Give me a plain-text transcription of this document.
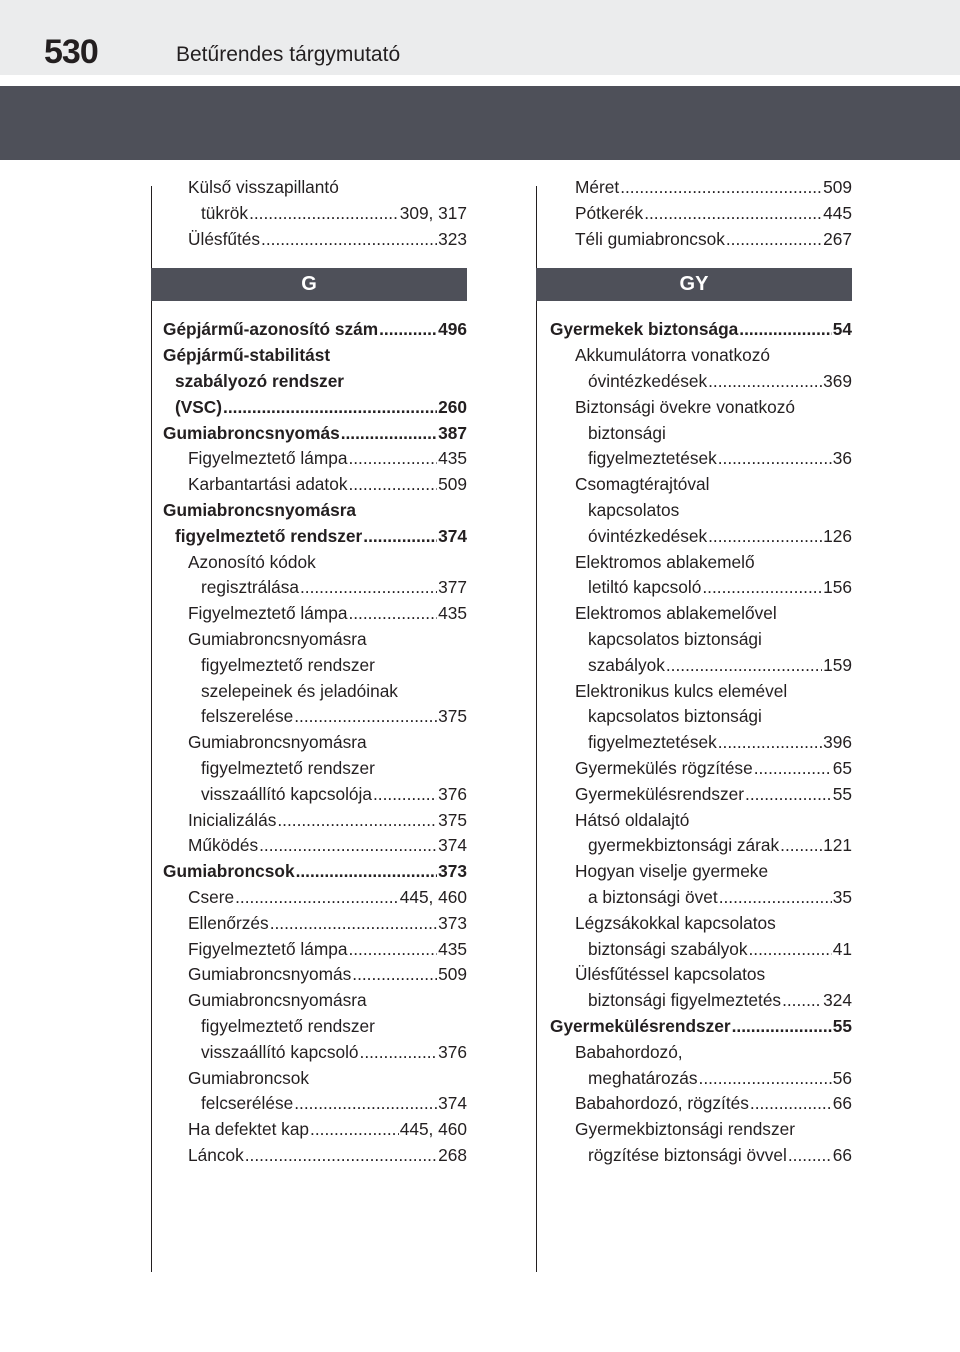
530	Betűrendes tárgymutató
Külső visszapillantó
tükrök .....	309, 317
Ülésfűtés .....	323
G
Gépjármű-azonosító szám .....	496
Gépjármű-stabilitást
szabályozó rendszer
(VSC) .....	260
Gumiabroncsnyomás .....	387
Figyelmeztető lámpa .....	435
Karbantartási adatok .....	509
Gumiabroncsnyomásra
figyelmeztető rendszer .....	374
Azonosító kódok
regisztrálása .....	377
Figyelmeztető lámpa .....	435
Gumiabroncsnyomásra
figyelmeztető rendszer
szelepeinek és jeladóinak
felszerelése .....	375
Gumiabroncsnyomásra
figyelmeztető rendszer
visszaállító kapcsolója .....	376
Inicializálás .....	375
Működés .....	374
Gumiabroncsok .....	373
Csere .....	445, 460
Ellenőrzés .....	373
Figyelmeztető lámpa .....	435
Gumiabroncsnyomás .....	509
Gumiabroncsnyomásra
figyelmeztető rendszer
visszaállító kapcsoló .....	376
Gumiabroncsok
felcserélése .....	374
Ha defektet kap .....	445, 460
Láncok .....	268
Méret .....	509
Pótkerék .....	445
Téli gumiabroncsok .....	267
GY
Gyermekek biztonsága .....	54
Akkumulátorra vonatkozó
óvintézkedések .....	369
Biztonsági övekre vonatkozó
biztonsági
figyelmeztetések .....	36
Csomagtérajtóval
kapcsolatos
óvintézkedések .....	126
Elektromos ablakemelő
letiltó kapcsoló .....	156
Elektromos ablakemelővel
kapcsolatos biztonsági
szabályok .....	159
Elektronikus kulcs elemével
kapcsolatos biztonsági
figyelmeztetések .....	396
Gyermekülés rögzítése .....	65
Gyermekülésrendszer .....	55
Hátsó oldalajtó
gyermekbiztonsági zárak .....	121
Hogyan viselje gyermeke
a biztonsági övet .....	35
Légzsákokkal kapcsolatos
biztonsági szabályok .....	41
Ülésfűtéssel kapcsolatos
biztonsági figyelmeztetés ..... 324
Gyermekülésrendszer .....	55
Babahordozó,
meghatározás .....	56
Babahordozó, rögzítés .....	66
Gyermekbiztonsági rendszer
rögzítése biztonsági övvel .....	66
